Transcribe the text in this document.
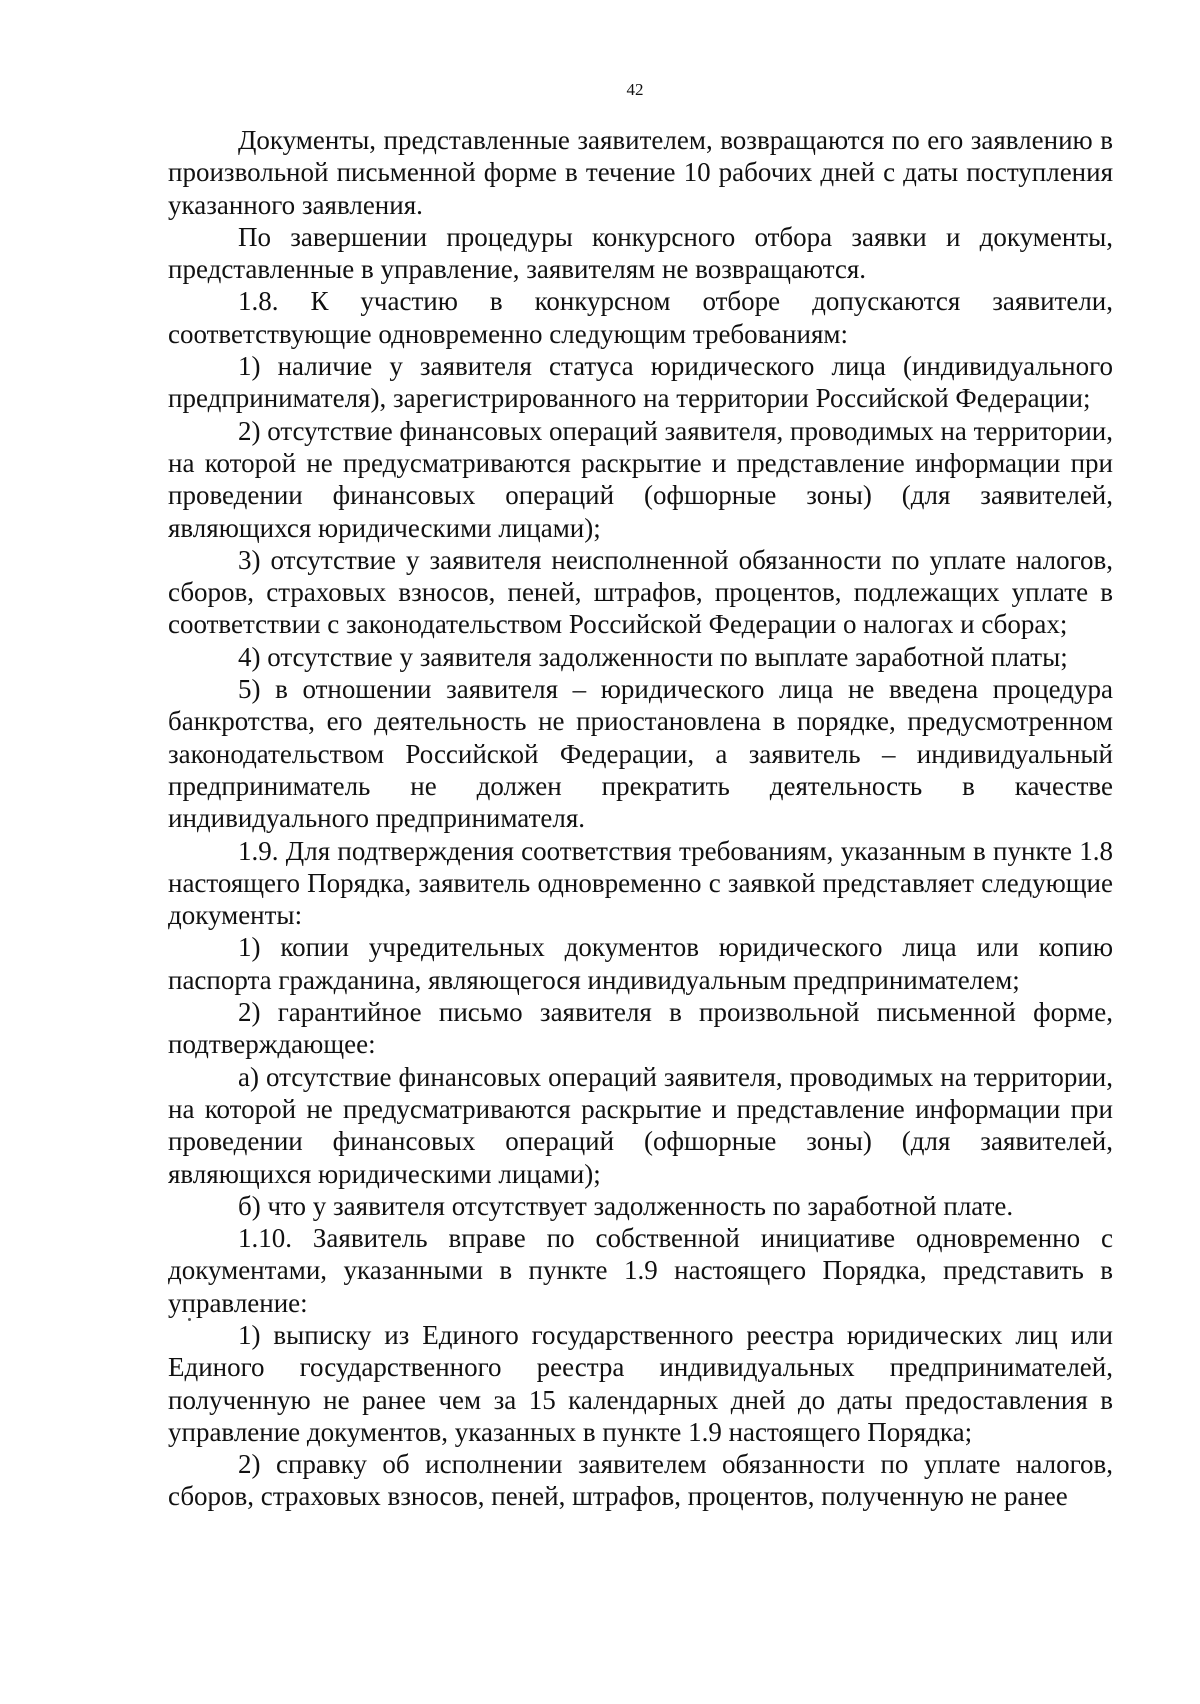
42

Документы, представленные заявителем, возвращаются по его заявлению в произвольной письменной форме в течение 10 рабочих дней с даты поступления указанного заявления.

По завершении процедуры конкурсного отбора заявки и документы, представленные в управление, заявителям не возвращаются.

1.8. К участию в конкурсном отборе допускаются заявители, соответствующие одновременно следующим требованиям:

1) наличие у заявителя статуса юридического лица (индивидуального предпринимателя), зарегистрированного на территории Российской Федерации;

2) отсутствие финансовых операций заявителя, проводимых на территории, на которой не предусматриваются раскрытие и представление информации при проведении финансовых операций (офшорные зоны) (для заявителей, являющихся юридическими лицами);

3) отсутствие у заявителя неисполненной обязанности по уплате налогов, сборов, страховых взносов, пеней, штрафов, процентов, подлежащих уплате в соответствии с законодательством Российской Федерации о налогах и сборах;

4) отсутствие у заявителя задолженности по выплате заработной платы;

5) в отношении заявителя – юридического лица не введена процедура банкротства, его деятельность не приостановлена в порядке, предусмотренном законодательством Российской Федерации, а заявитель – индивидуальный предприниматель не должен прекратить деятельность в качестве индивидуального предпринимателя.

1.9. Для подтверждения соответствия требованиям, указанным в пункте 1.8 настоящего Порядка, заявитель одновременно с заявкой представляет следующие документы:

1) копии учредительных документов юридического лица или копию паспорта гражданина, являющегося индивидуальным предпринимателем;

2) гарантийное письмо заявителя в произвольной письменной форме, подтверждающее:

а) отсутствие финансовых операций заявителя, проводимых на территории, на которой не предусматриваются раскрытие и представление информации при проведении финансовых операций (офшорные зоны) (для заявителей, являющихся юридическими лицами);

б) что у заявителя отсутствует задолженность по заработной плате.

1.10. Заявитель вправе по собственной инициативе одновременно с документами, указанными в пункте 1.9 настоящего Порядка, представить в управление:

1) выписку из Единого государственного реестра юридических лиц или Единого государственного реестра индивидуальных предпринимателей, полученную не ранее чем за 15 календарных дней до даты предоставления в управление документов, указанных в пункте 1.9 настоящего Порядка;

2) справку об исполнении заявителем обязанности по уплате налогов, сборов, страховых взносов, пеней, штрафов, процентов, полученную не ранее
